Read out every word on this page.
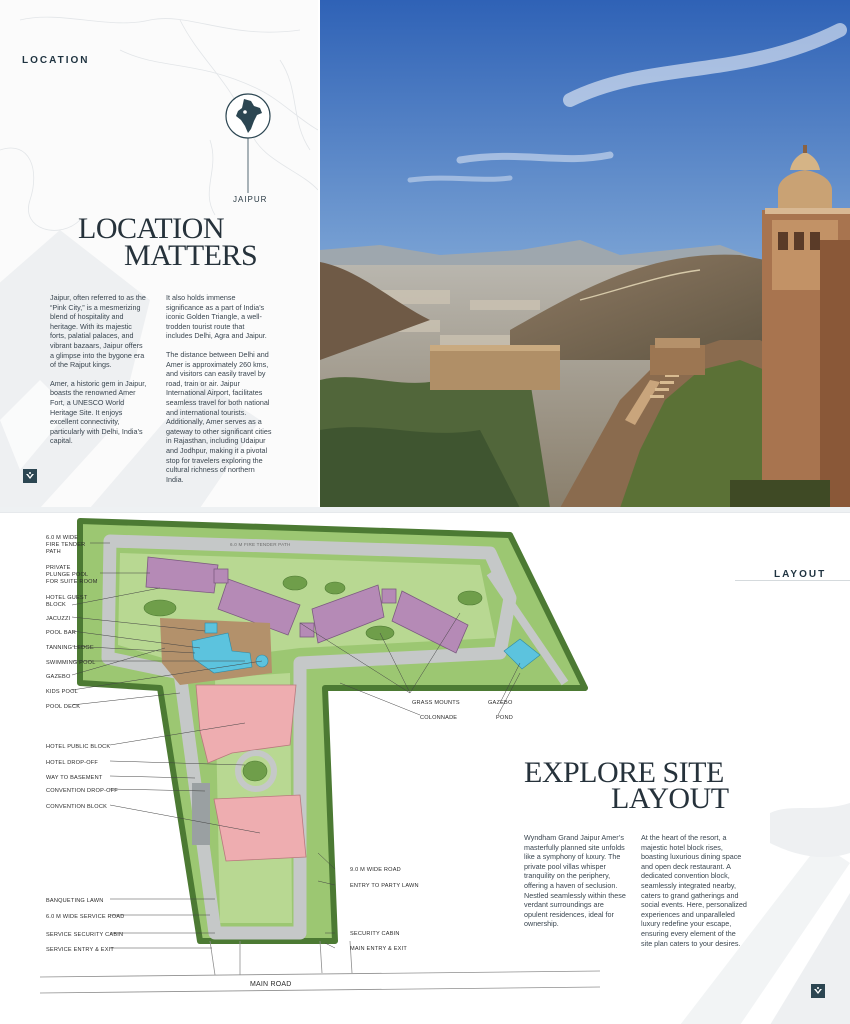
LOCATION
JAIPUR
LOCATION
MATTERS

Jaipur, often referred to as the “Pink City,” is a mesmerizing blend of hospitality and heritage. With its majestic forts, palatial palaces, and vibrant bazaars, Jaipur offers a glimpse into the bygone era of the Rajput kings.

Amer, a historic gem in Jaipur, boasts the renowned Amer Fort, a UNESCO World Heritage Site. It enjoys excellent connectivity, particularly with Delhi, India’s capital.

It also holds immense significance as a part of India’s iconic Golden Triangle, a well-trodden tourist route that includes Delhi, Agra and Jaipur.

The distance between Delhi and Amer is approximately 260 kms, and visitors can easily travel by road, train or air. Jaipur International Airport, facilitates seamless travel for both national and international tourists. Additionally, Amer serves as a gateway to other significant cities in Rajasthan, including Udaipur and Jodhpur, making it a pivotal stop for travelers exploring the cultural richness of northern India.

LAYOUT
EXPLORE SITE
LAYOUT

Wyndham Grand Jaipur Amer’s masterfully planned site unfolds like a symphony of luxury. The private pool villas whisper tranquility on the periphery, offering a haven of seclusion. Nestled seamlessly within these verdant surroundings are opulent residences, ideal for ownership.

At the heart of the resort, a majestic hotel block rises, boasting luxurious dining space and open deck restaurant. A dedicated convention block, seamlessly integrated nearby, caters to grand gatherings and social events. Here, personalized experiences and unparalleled luxury redefine your escape, ensuring every element of the site plan caters to your desires.

MAIN ROAD
6.0 M FIRE TENDER PATH
6.0 M WIDE
FIRE TENDER
PATH
PRIVATE
PLUNGE POOL
FOR SUITE ROOM
HOTEL GUEST
BLOCK
JACUZZI
POOL BAR
TANNING LEDGE
SWIMMING POOL
GAZEBO
KIDS POOL
POOL DECK
HOTEL PUBLIC BLOCK
HOTEL DROP-OFF
WAY TO BASEMENT
CONVENTION DROP-OFF
CONVENTION BLOCK
BANQUETING LAWN
6.0 M WIDE SERVICE ROAD
SERVICE SECURITY CABIN
SERVICE ENTRY & EXIT
GRASS MOUNTS	GAZEBO
COLONNADE	POND
9.0 M WIDE ROAD
ENTRY TO PARTY LAWN
SECURITY CABIN
MAIN ENTRY & EXIT
